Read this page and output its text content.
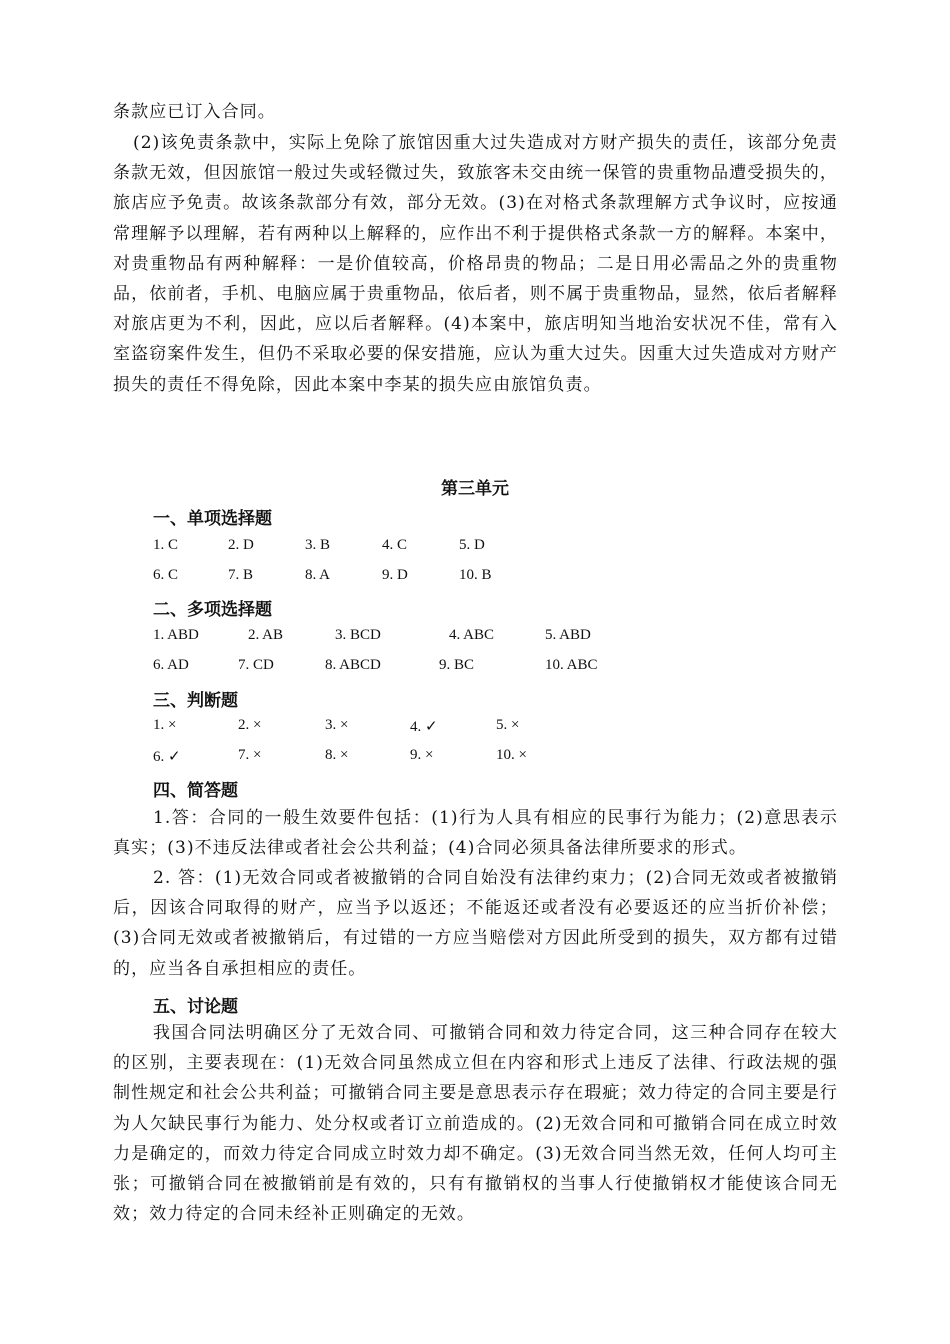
条款应已订入合同。
(2)该免责条款中，实际上免除了旅馆因重大过失造成对方财产损失的责任，该部分免责条款无效，但因旅馆一般过失或轻微过失，致旅客未交由统一保管的贵重物品遭受损失的，旅店应予免责。故该条款部分有效，部分无效。(3)在对格式条款理解方式争议时，应按通常理解予以理解，若有两种以上解释的，应作出不利于提供格式条款一方的解释。本案中，对贵重物品有两种解释：一是价值较高，价格昂贵的物品；二是日用必需品之外的贵重物品，依前者，手机、电脑应属于贵重物品，依后者，则不属于贵重物品，显然，依后者解释对旅店更为不利，因此，应以后者解释。(4)本案中，旅店明知当地治安状况不佳，常有入室盗窃案件发生，但仍不采取必要的保安措施，应认为重大过失。因重大过失造成对方财产损失的责任不得免除，因此本案中李某的损失应由旅馆负责。
第三单元
一、单项选择题
1. C	2. D	3. B	4. C	5. D
6. C	7. B	8. A	9. D	10. B
二、多项选择题
1. ABD	2. AB	3. BCD	4. ABC	5. ABD
6. AD	7. CD	8. ABCD	9. BC	10. ABC
三、判断题
1. ×	2. ×	3. ×	4. ✓	5. ×
6. ✓	7. ×	8. ×	9. ×	10. ×
四、简答题
1.答：合同的一般生效要件包括：(1)行为人具有相应的民事行为能力；(2)意思表示真实；(3)不违反法律或者社会公共利益；(4)合同必须具备法律所要求的形式。
2. 答：(1)无效合同或者被撤销的合同自始没有法律约束力；(2)合同无效或者被撤销后，因该合同取得的财产，应当予以返还；不能返还或者没有必要返还的应当折价补偿；(3)合同无效或者被撤销后，有过错的一方应当赔偿对方因此所受到的损失，双方都有过错的，应当各自承担相应的责任。
五、讨论题
我国合同法明确区分了无效合同、可撤销合同和效力待定合同，这三种合同存在较大的区别，主要表现在：(1)无效合同虽然成立但在内容和形式上违反了法律、行政法规的强制性规定和社会公共利益；可撤销合同主要是意思表示存在瑕疵；效力待定的合同主要是行为人欠缺民事行为能力、处分权或者订立前造成的。(2)无效合同和可撤销合同在成立时效力是确定的，而效力待定合同成立时效力却不确定。(3)无效合同当然无效，任何人均可主张；可撤销合同在被撤销前是有效的，只有有撤销权的当事人行使撤销权才能使该合同无效；效力待定的合同未经补正则确定的无效。
